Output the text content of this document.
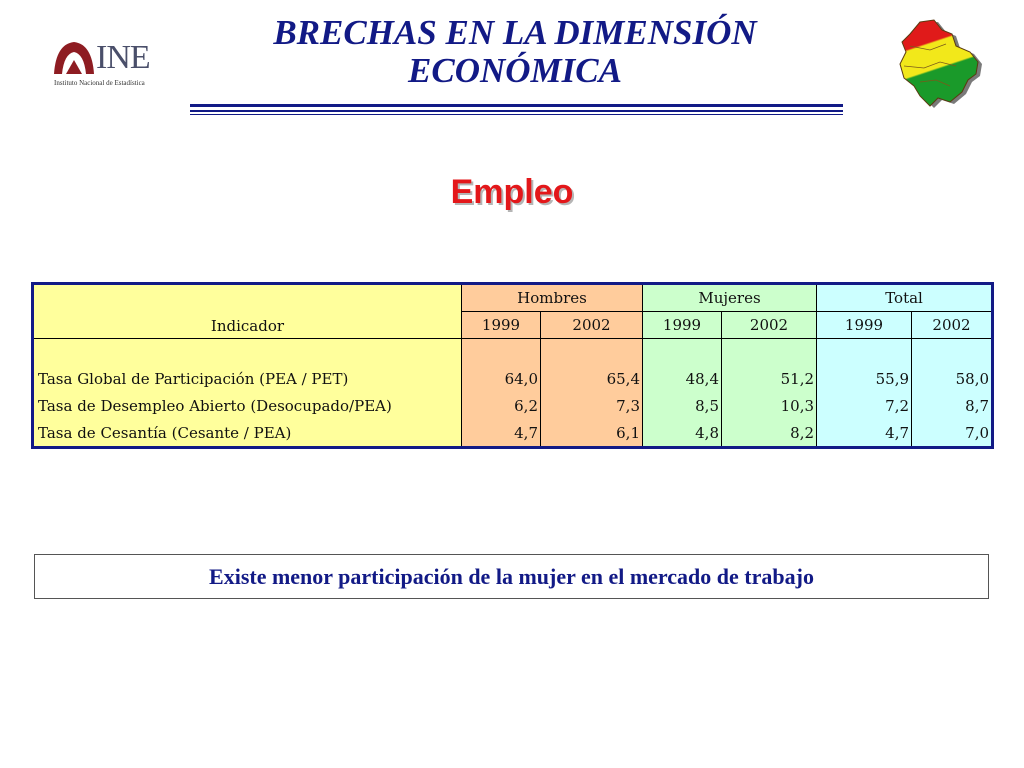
INE
Instituto Nacional de Estadística
BRECHAS EN LA DIMENSIÓN ECONÓMICA
Empleo
Indicador	Hombres		Mujeres		Total	
	1999	2002	1999	2002	1999	2002

Tasa Global de Participación (PEA / PET)	64,0	65,4	48,4	51,2	55,9	58,0
Tasa de Desempleo Abierto (Desocupado/PEA)	6,2	7,3	8,5	10,3	7,2	8,7
Tasa de Cesantía (Cesante / PEA)	4,7	6,1	4,8	8,2	4,7	7,0
Existe menor participación de la mujer en el mercado de trabajo
